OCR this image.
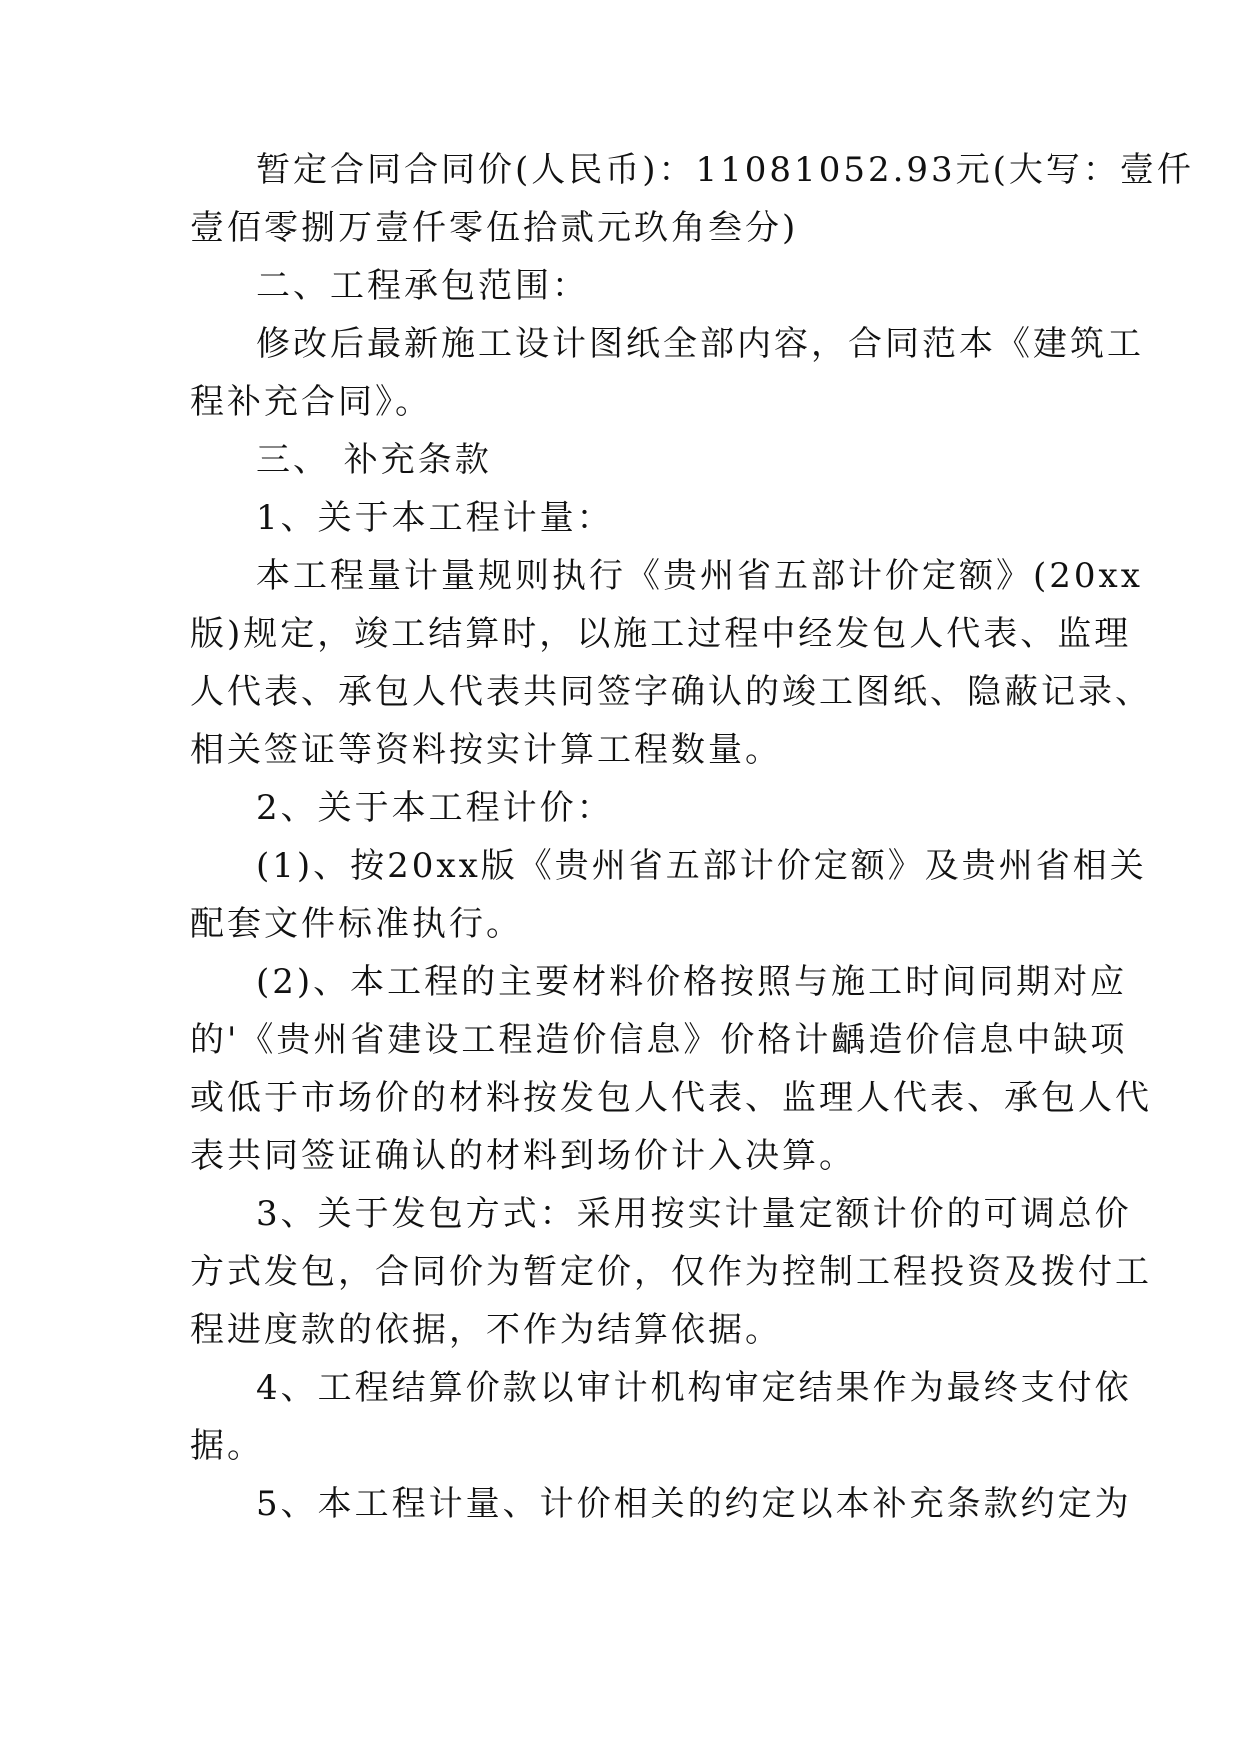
暂定合同合同价(人民币)：11081052.93元(大写：壹仟
壹佰零捌万壹仟零伍拾贰元玖角叁分)
二、工程承包范围：
修改后最新施工设计图纸全部内容，合同范本《建筑工
程补充合同》。
三、 补充条款
1、关于本工程计量：
本工程量计量规则执行《贵州省五部计价定额》(20xx
版)规定，竣工结算时，以施工过程中经发包人代表、监理
人代表、承包人代表共同签字确认的竣工图纸、隐蔽记录、
相关签证等资料按实计算工程数量。
2、关于本工程计价：
(1)、按20xx版《贵州省五部计价定额》及贵州省相关
配套文件标准执行。
(2)、本工程的主要材料价格按照与施工时间同期对应
的'《贵州省建设工程造价信息》价格计齲造价信息中缺项
或低于市场价的材料按发包人代表、监理人代表、承包人代
表共同签证确认的材料到场价计入决算。
3、关于发包方式：采用按实计量定额计价的可调总价
方式发包，合同价为暂定价，仅作为控制工程投资及拨付工
程进度款的依据，不作为结算依据。
4、工程结算价款以审计机构审定结果作为最终支付依
据。
5、本工程计量、计价相关的约定以本补充条款约定为
